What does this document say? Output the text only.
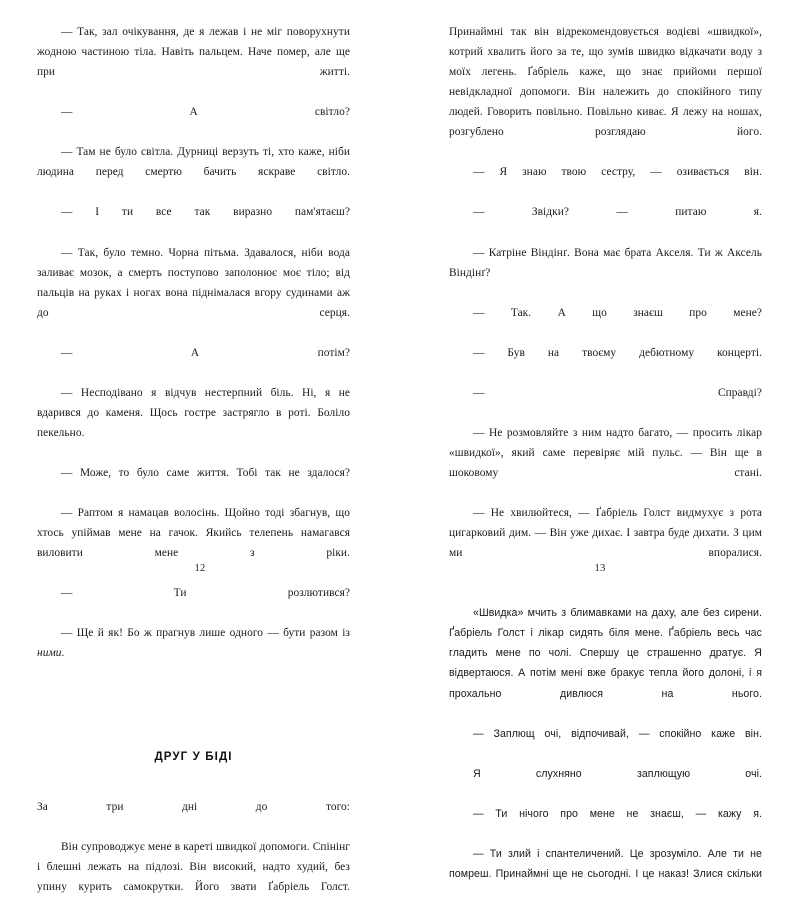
— Так, зал очікування, де я лежав і не міг поворухнути жодною частиною тіла. Навіть пальцем. Наче помер, але ще при житті.

— А світло?

— Там не було світла. Дурниці верзуть ті, хто каже, ніби людина перед смертю бачить яскраве світло.

— І ти все так виразно пам'ятаєш?

— Так, було темно. Чорна пітьма. Здавалося, ніби вода заливає мозок, а смерть поступово заполонює моє тіло; від пальців на руках і ногах вона піднімалася вгору судинами аж до серця.

— А потім?

— Несподівано я відчув нестерпний біль. Ні, я не вдарився до каменя. Щось гостре застрягло в роті. Боліло пекельно.

— Може, то було саме життя. Тобі так не здалося?

— Раптом я намацав волосінь. Щойно тоді збагнув, що хтось упіймав мене на гачок. Якийсь телепень намагався виловити мене з ріки.

— Ти розлютився?

— Ще й як! Бо ж прагнув лише одного — бути разом із ними.

ДРУГ У БІДІ

За три дні до того:

Він супроводжує мене в кареті швидкої допомоги. Спінінг і блешні лежать на підлозі. Він високий, надто худий, без упину курить самокрутки. Його звати Ґабріель Голст.

12

Принаймні так він відрекомендовується водієві «швидкої», котрий хвалить його за те, що зумів швидко відкачати воду з моїх легень. Ґабріель каже, що знає прийоми першої невідкладної допомоги. Він належить до спокійного типу людей. Говорить повільно. Повільно киває. Я лежу на ношах, розгублено розглядаю його.

— Я знаю твою сестру, — озивається він.

— Звідки? — питаю я.

— Катріне Віндінґ. Вона має брата Акселя. Ти ж Аксель Віндінґ?

— Так. А що знаєш про мене?

— Був на твоєму дебютному концерті.

— Справді?

— Не розмовляйте з ним надто багато, — просить лікар «швидкої», який саме перевіряє мій пульс. — Він ще в шоковому стані.

— Не хвилюйтеся, — Ґабріель Голст видмухує з рота цигарковий дим. — Він уже дихає. І завтра буде дихати. З цим ми впоралися.

«Швидка» мчить з блимавками на даху, але без сирени. Ґабріель Голст і лікар сидять біля мене. Ґабріель весь час гладить мене по чолі. Спершу це страшенно дратує. Я відвертаюся. А потім мені вже бракує тепла його долоні, і я прохально дивлюся на нього.

— Заплющ очі, відпочивай, — спокійно каже він.

Я слухняно заплющую очі.

— Ти нічого про мене не знаєш, — кажу я.

— Ти злий і спантеличений. Це зрозуміло. Але ти не помреш. Принаймні ще не сьогодні. І це наказ! Злися скільки

13
